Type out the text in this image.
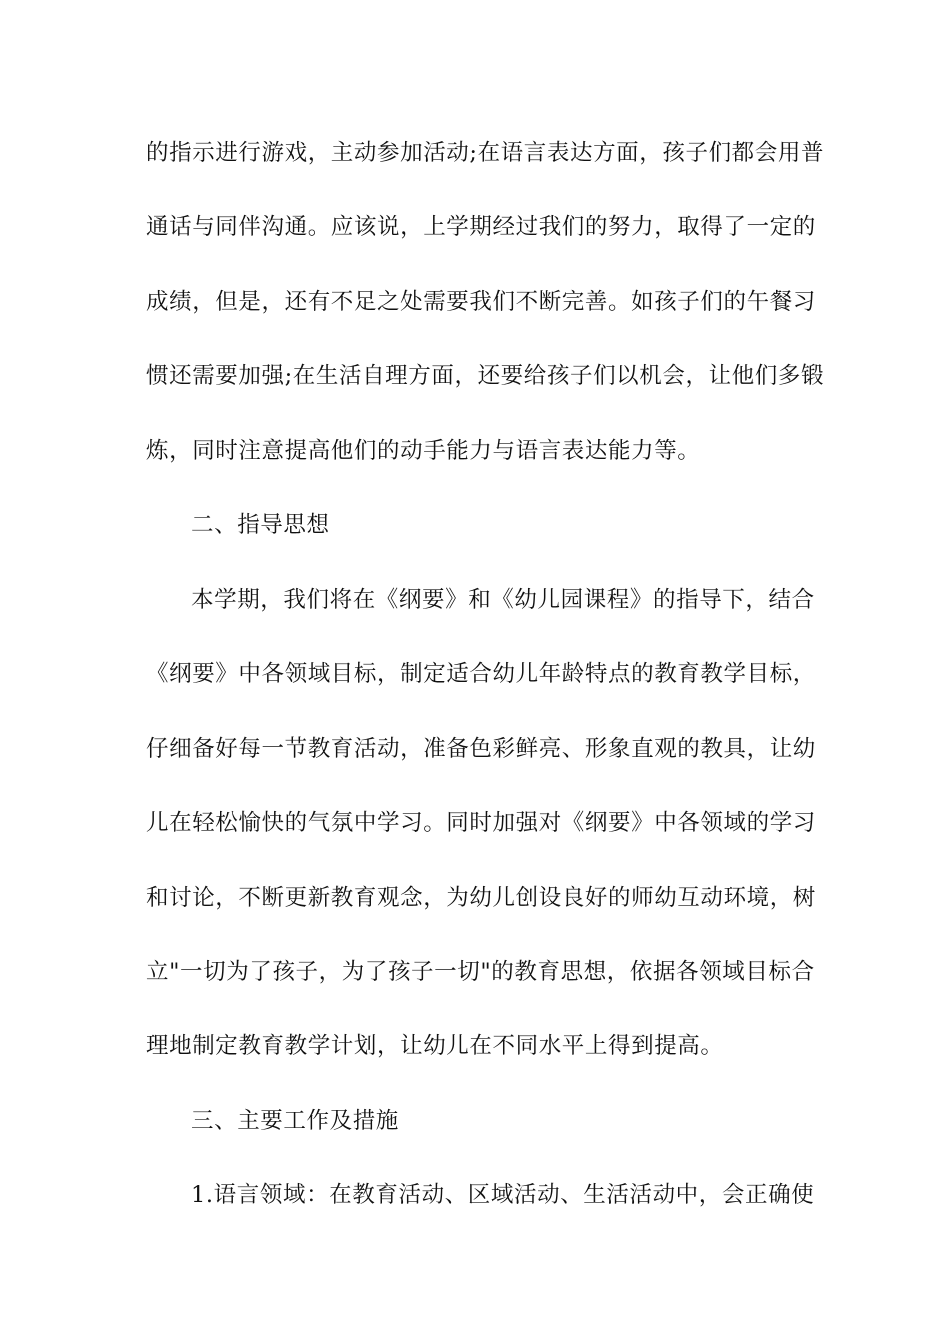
的指示进行游戏，主动参加活动;在语言表达方面，孩子们都会用普
通话与同伴沟通。应该说，上学期经过我们的努力，取得了一定的
成绩，但是，还有不足之处需要我们不断完善。如孩子们的午餐习
惯还需要加强;在生活自理方面，还要给孩子们以机会，让他们多锻
炼，同时注意提高他们的动手能力与语言表达能力等。
二、指导思想
本学期，我们将在《纲要》和《幼儿园课程》的指导下，结合
《纲要》中各领域目标，制定适合幼儿年龄特点的教育教学目标，
仔细备好每一节教育活动，准备色彩鲜亮、形象直观的教具，让幼
儿在轻松愉快的气氛中学习。同时加强对《纲要》中各领域的学习
和讨论，不断更新教育观念，为幼儿创设良好的师幼互动环境，树
立"一切为了孩子，为了孩子一切"的教育思想，依据各领域目标合
理地制定教育教学计划，让幼儿在不同水平上得到提高。
三、主要工作及措施
1.语言领域：在教育活动、区域活动、生活活动中，会正确使
